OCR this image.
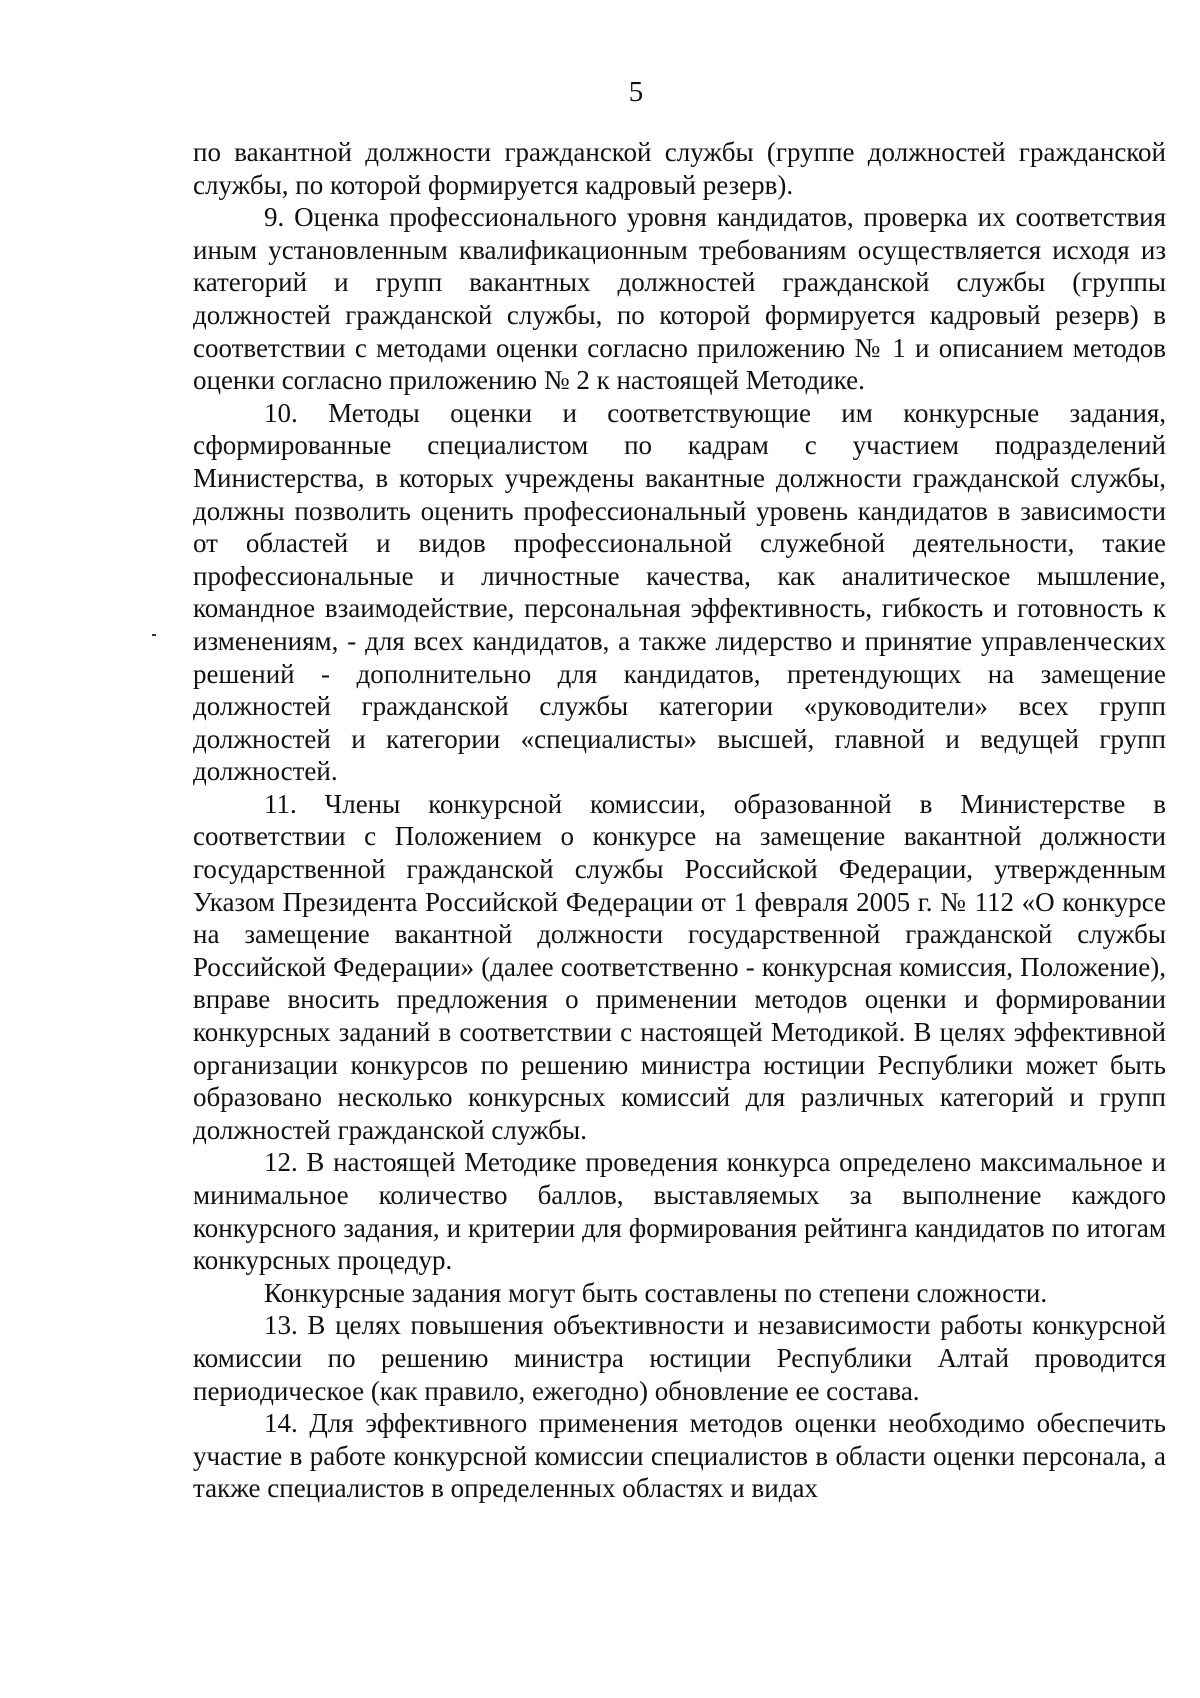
5

по вакантной должности гражданской службы (группе должностей гражданской службы, по которой формируется кадровый резерв).

9. Оценка профессионального уровня кандидатов, проверка их соответствия иным установленным квалификационным требованиям осуществляется исходя из категорий и групп вакантных должностей гражданской службы (группы должностей гражданской службы, по которой формируется кадровый резерв) в соответствии с методами оценки согласно приложению № 1 и описанием методов оценки согласно приложению № 2 к настоящей Методике.

10. Методы оценки и соответствующие им конкурсные задания, сформированные специалистом по кадрам с участием подразделений Министерства, в которых учреждены вакантные должности гражданской службы, должны позволить оценить профессиональный уровень кандидатов в зависимости от областей и видов профессиональной служебной деятельности, такие профессиональные и личностные качества, как аналитическое мышление, командное взаимодействие, персональная эффективность, гибкость и готовность к изменениям, - для всех кандидатов, а также лидерство и принятие управленческих решений - дополнительно для кандидатов, претендующих на замещение должностей гражданской службы категории «руководители» всех групп должностей и категории «специалисты» высшей, главной и ведущей групп должностей.

11. Члены конкурсной комиссии, образованной в Министерстве в соответствии с Положением о конкурсе на замещение вакантной должности государственной гражданской службы Российской Федерации, утвержденным Указом Президента Российской Федерации от 1 февраля 2005 г. № 112 «О конкурсе на замещение вакантной должности государственной гражданской службы Российской Федерации» (далее соответственно - конкурсная комиссия, Положение), вправе вносить предложения о применении методов оценки и формировании конкурсных заданий в соответствии с настоящей Методикой. В целях эффективной организации конкурсов по решению министра юстиции Республики может быть образовано несколько конкурсных комиссий для различных категорий и групп должностей гражданской службы.

12. В настоящей Методике проведения конкурса определено максимальное и минимальное количество баллов, выставляемых за выполнение каждого конкурсного задания, и критерии для формирования рейтинга кандидатов по итогам конкурсных процедур.

Конкурсные задания могут быть составлены по степени сложности.

13. В целях повышения объективности и независимости работы конкурсной комиссии по решению министра юстиции Республики Алтай проводится периодическое (как правило, ежегодно) обновление ее состава.

14. Для эффективного применения методов оценки необходимо обеспечить участие в работе конкурсной комиссии специалистов в области оценки персонала, а также специалистов в определенных областях и видах
